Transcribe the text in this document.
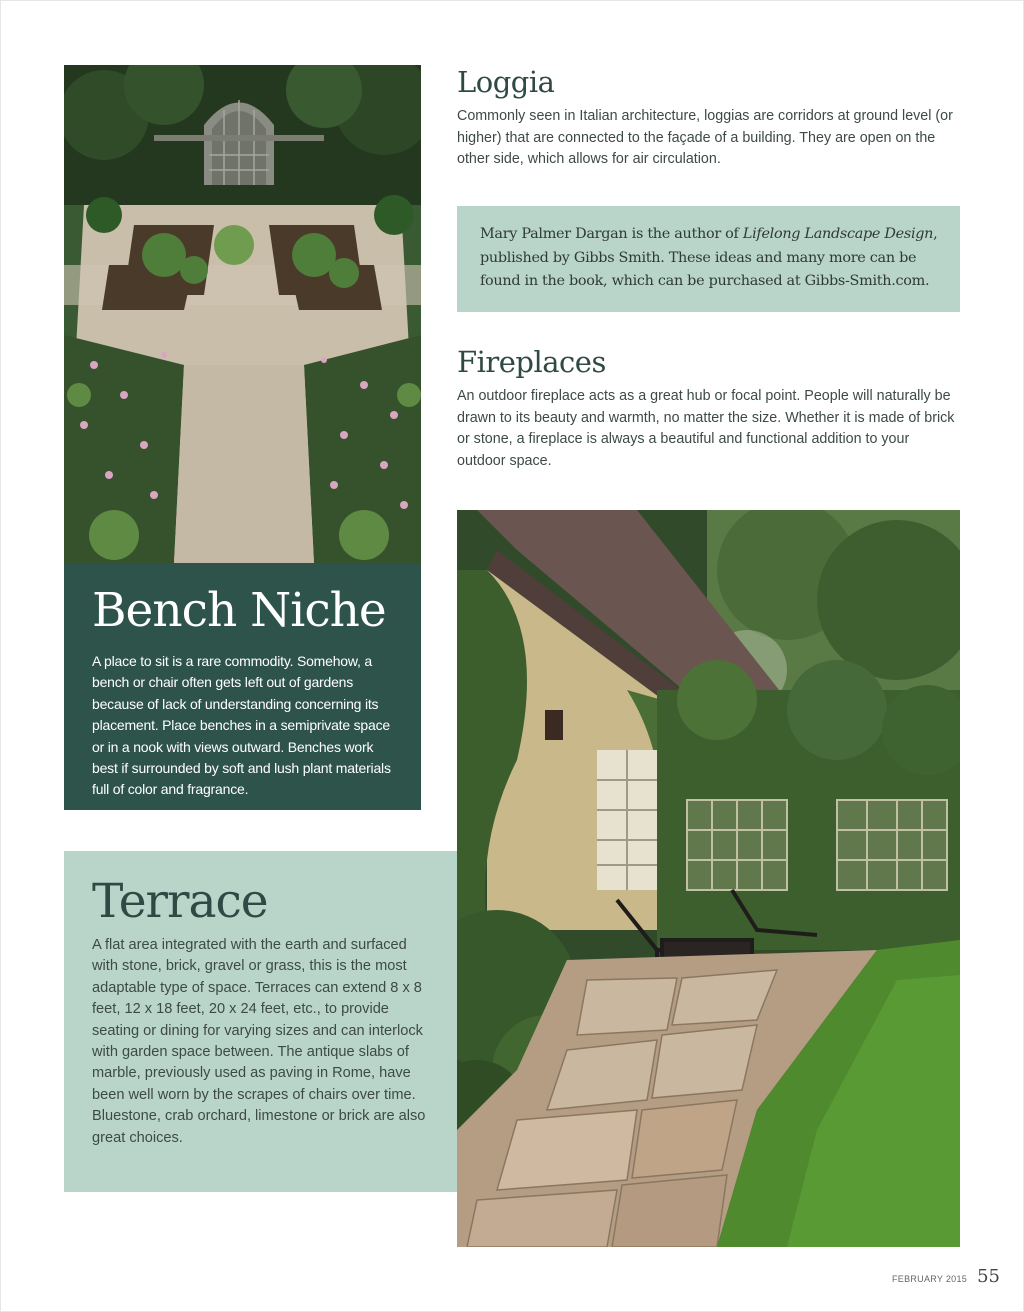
Bench Niche

A place to sit is a rare commodity. Somehow, a bench or chair often gets left out of gardens because of lack of understanding concerning its placement. Place benches in a semiprivate space or in a nook with views outward. Benches work best if surrounded by soft and lush plant materials full of color and fragrance.

Terrace

A flat area integrated with the earth and surfaced with stone, brick, gravel or grass, this is the most adaptable type of space. Terraces can extend 8 x 8 feet, 12 x 18 feet, 20 x 24 feet, etc., to provide seating or dining for varying sizes and can interlock with garden space between. The antique slabs of marble, previously used as paving in Rome, have been well worn by the scrapes of chairs over time. Bluestone, crab orchard, limestone or brick are also great choices.

Loggia

Commonly seen in Italian architecture, loggias are corridors at ground level (or higher) that are connected to the façade of a building. They are open on the other side, which allows for air circulation.

Mary Palmer Dargan is the author of Lifelong Landscape Design, published by Gibbs Smith. These ideas and many more can be found in the book, which can be purchased at Gibbs-Smith.com.
Fireplaces

An outdoor fireplace acts as a great hub or focal point. People will naturally be drawn to its beauty and warmth, no matter the size. Whether it is made of brick or stone, a fireplace is always a beautiful and functional addition to your outdoor space.

FEBRUARY 2015 55
